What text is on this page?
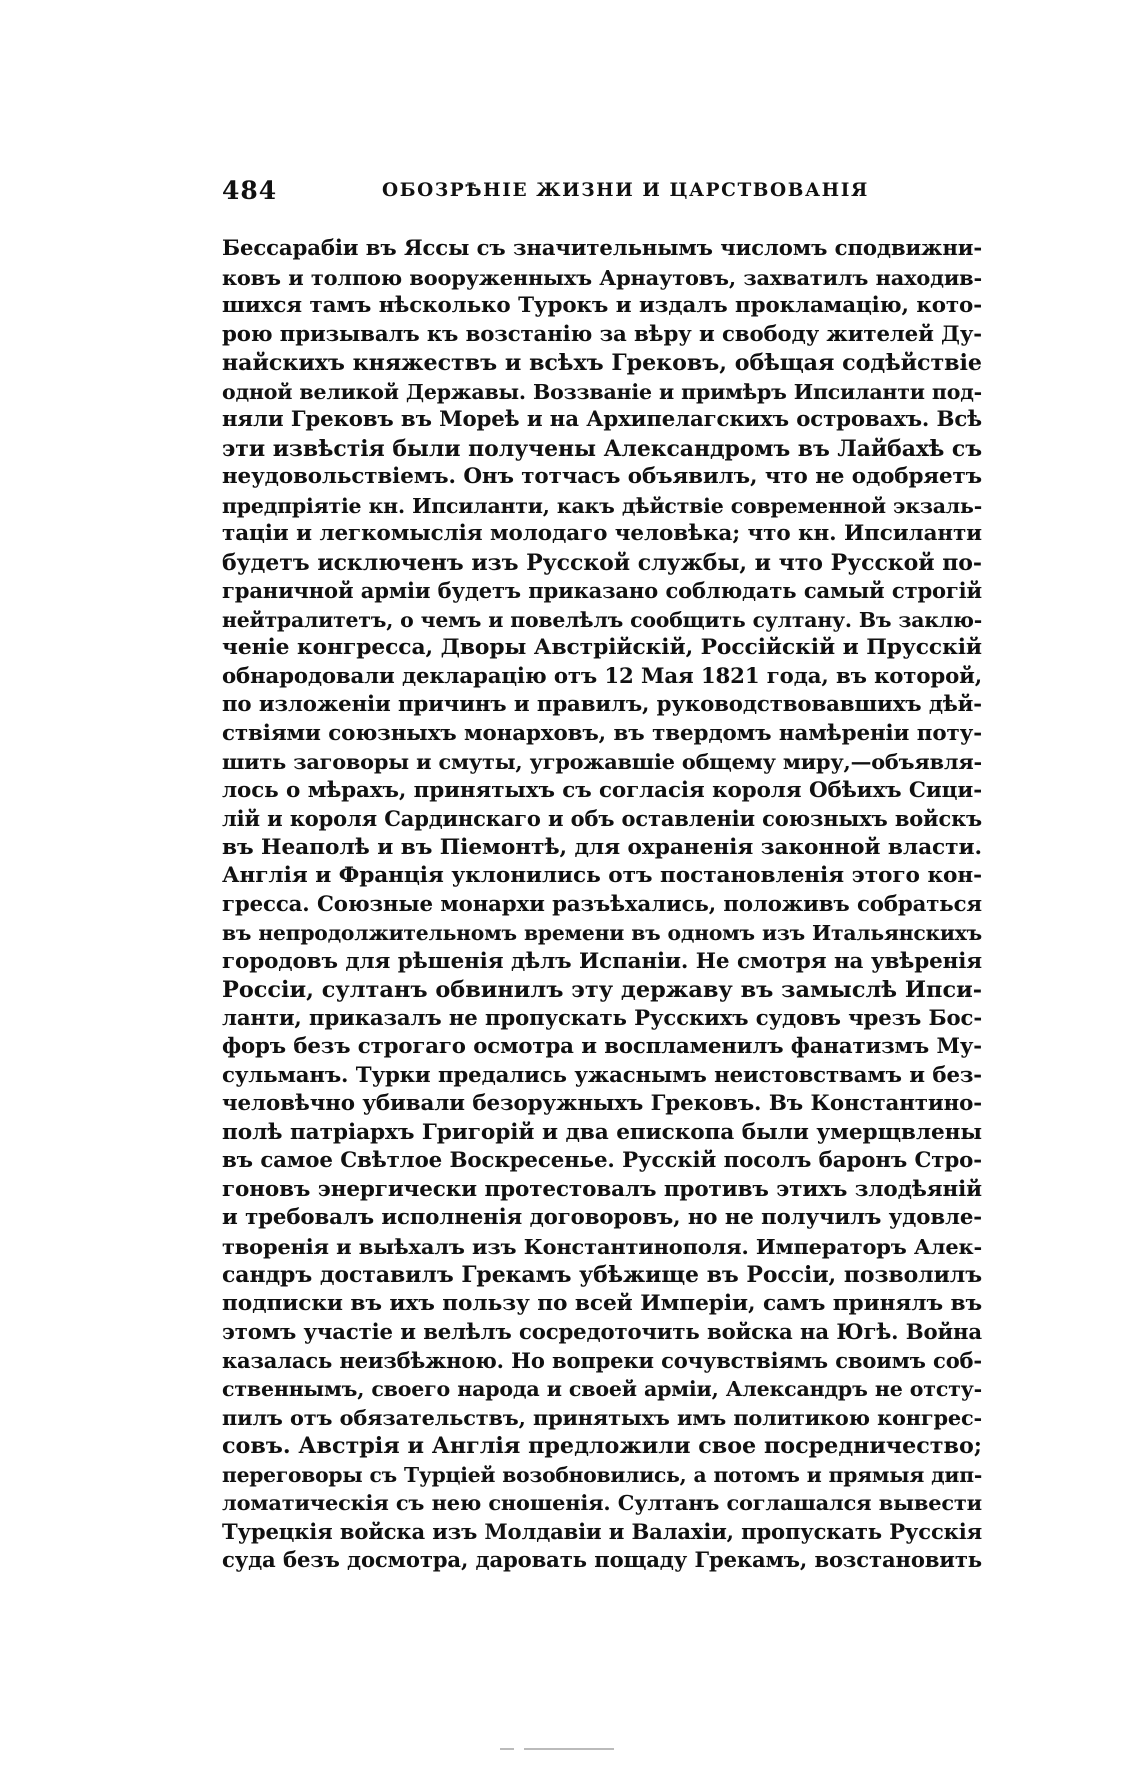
484	ОБОЗРѢНІЕ ЖИЗНИ И ЦАРСТВОВАНІЯ
Бессарабіи въ Яссы съ значительнымъ числомъ сподвижни-
ковъ и толпою вооруженныхъ Арнаутовъ, захватилъ находив-
шихся тамъ нѣсколько Турокъ и издалъ прокламацію, кото-
рою призывалъ къ возстанію за вѣру и свободу жителей Ду-
найскихъ княжествъ и всѣхъ Грековъ, обѣщая содѣйствіе
одной великой Державы. Воззваніе и примѣръ Ипсиланти под-
няли Грековъ въ Мореѣ и на Архипелагскихъ островахъ. Всѣ
эти извѣстія были получены Александромъ въ Лайбахѣ съ
неудовольствіемъ. Онъ тотчасъ объявилъ, что не одобряетъ
предпріятіе кн. Ипсиланти, какъ дѣйствіе современной экзаль-
таціи и легкомыслія молодаго человѣка; что кн. Ипсиланти
будетъ исключенъ изъ Русской службы, и что Русской по-
граничной арміи будетъ приказано соблюдать самый строгій
нейтралитетъ, о чемъ и повелѣлъ сообщить султану. Въ заклю-
ченіе конгресса, Дворы Австрійскій, Россійскій и Прусскій
обнародовали декларацію отъ 12 Мая 1821 года, въ которой,
по изложеніи причинъ и правилъ, руководствовавшихъ дѣй-
ствіями союзныхъ монарховъ, въ твердомъ намѣреніи поту-
шить заговоры и смуты, угрожавшіе общему миру,—объявля-
лось о мѣрахъ, принятыхъ съ согласія короля Обѣихъ Сици-
лій и короля Сардинскаго и объ оставленіи союзныхъ войскъ
въ Неаполѣ и въ Піемонтѣ, для охраненія законной власти.
Англія и Франція уклонились отъ постановленія этого кон-
гресса. Союзные монархи разъѣхались, положивъ собраться
въ непродолжительномъ времени въ одномъ изъ Итальянскихъ
городовъ для рѣшенія дѣлъ Испаніи. Не смотря на увѣренія
Россіи, султанъ обвинилъ эту державу въ замыслѣ Ипси-
ланти, приказалъ не пропускать Русскихъ судовъ чрезъ Бос-
форъ безъ строгаго осмотра и воспламенилъ фанатизмъ Му-
сульманъ. Турки предались ужаснымъ неистовствамъ и без-
человѣчно убивали безоружныхъ Грековъ. Въ Константино-
полѣ патріархъ Григорій и два епископа были умерщвлены
въ самое Свѣтлое Воскресенье. Русскій посолъ баронъ Стро-
гоновъ энергически протестовалъ противъ этихъ злодѣяній
и требовалъ исполненія договоровъ, но не получилъ удовле-
творенія и выѣхалъ изъ Константинополя. Императоръ Алек-
сандръ доставилъ Грекамъ убѣжище въ Россіи, позволилъ
подписки въ ихъ пользу по всей Имперіи, самъ принялъ въ
этомъ участіе и велѣлъ сосредоточить войска на Югѣ. Война
казалась неизбѣжною. Но вопреки сочувствіямъ своимъ соб-
ственнымъ, своего народа и своей арміи, Александръ не отсту-
пилъ отъ обязательствъ, принятыхъ имъ политикою конгрес-
совъ. Австрія и Англія предложили свое посредничество;
переговоры съ Турціей возобновились, а потомъ и прямыя дип-
ломатическія съ нею сношенія. Султанъ соглашался вывести
Турецкія войска изъ Молдавіи и Валахіи, пропускать Русскія
суда безъ досмотра, даровать пощаду Грекамъ, возстановить
